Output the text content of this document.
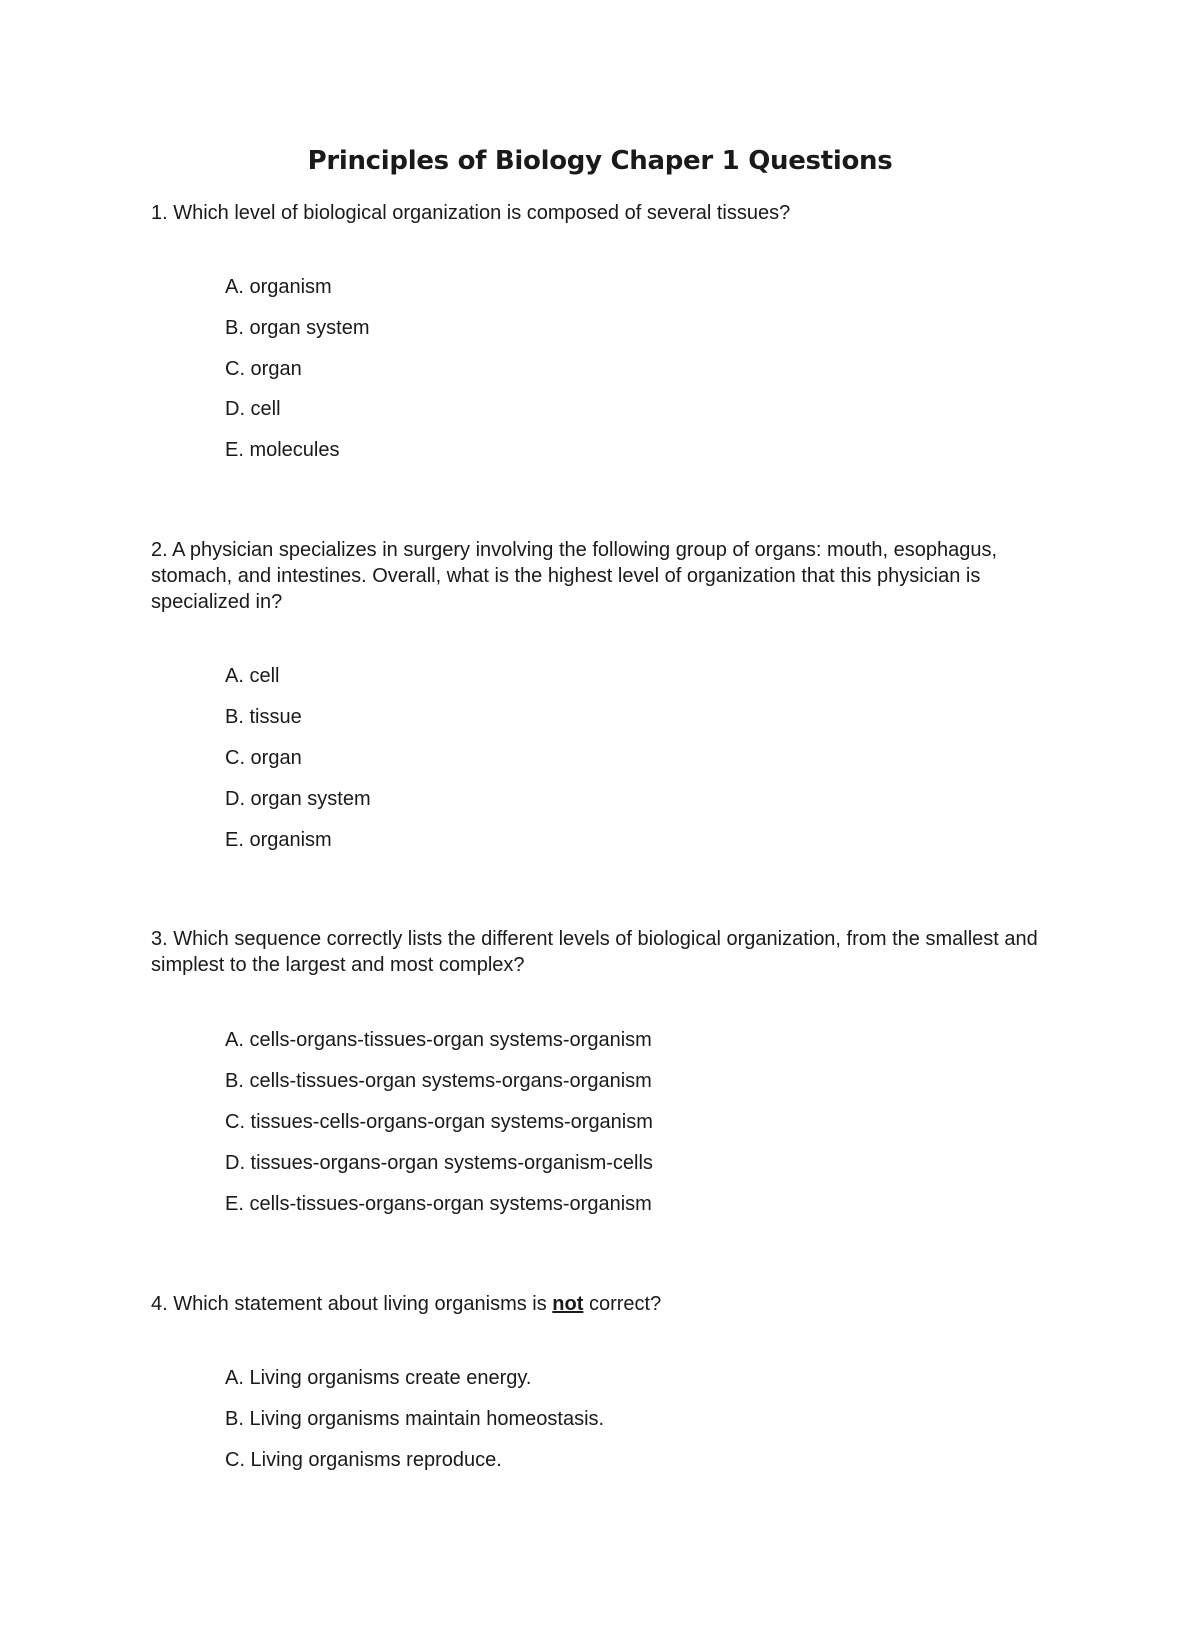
Principles of Biology Chaper 1 Questions
1. Which level of biological organization is composed of several tissues?
A. organism
B. organ system
C. organ
D. cell
E. molecules
2. A physician specializes in surgery involving the following group of organs: mouth, esophagus, stomach, and intestines. Overall, what is the highest level of organization that this physician is specialized in?
A. cell
B. tissue
C. organ
D. organ system
E. organism
3. Which sequence correctly lists the different levels of biological organization, from the smallest and simplest to the largest and most complex?
A. cells-organs-tissues-organ systems-organism
B. cells-tissues-organ systems-organs-organism
C. tissues-cells-organs-organ systems-organism
D. tissues-organs-organ systems-organism-cells
E. cells-tissues-organs-organ systems-organism
4. Which statement about living organisms is not correct?
A. Living organisms create energy.
B. Living organisms maintain homeostasis.
C. Living organisms reproduce.
